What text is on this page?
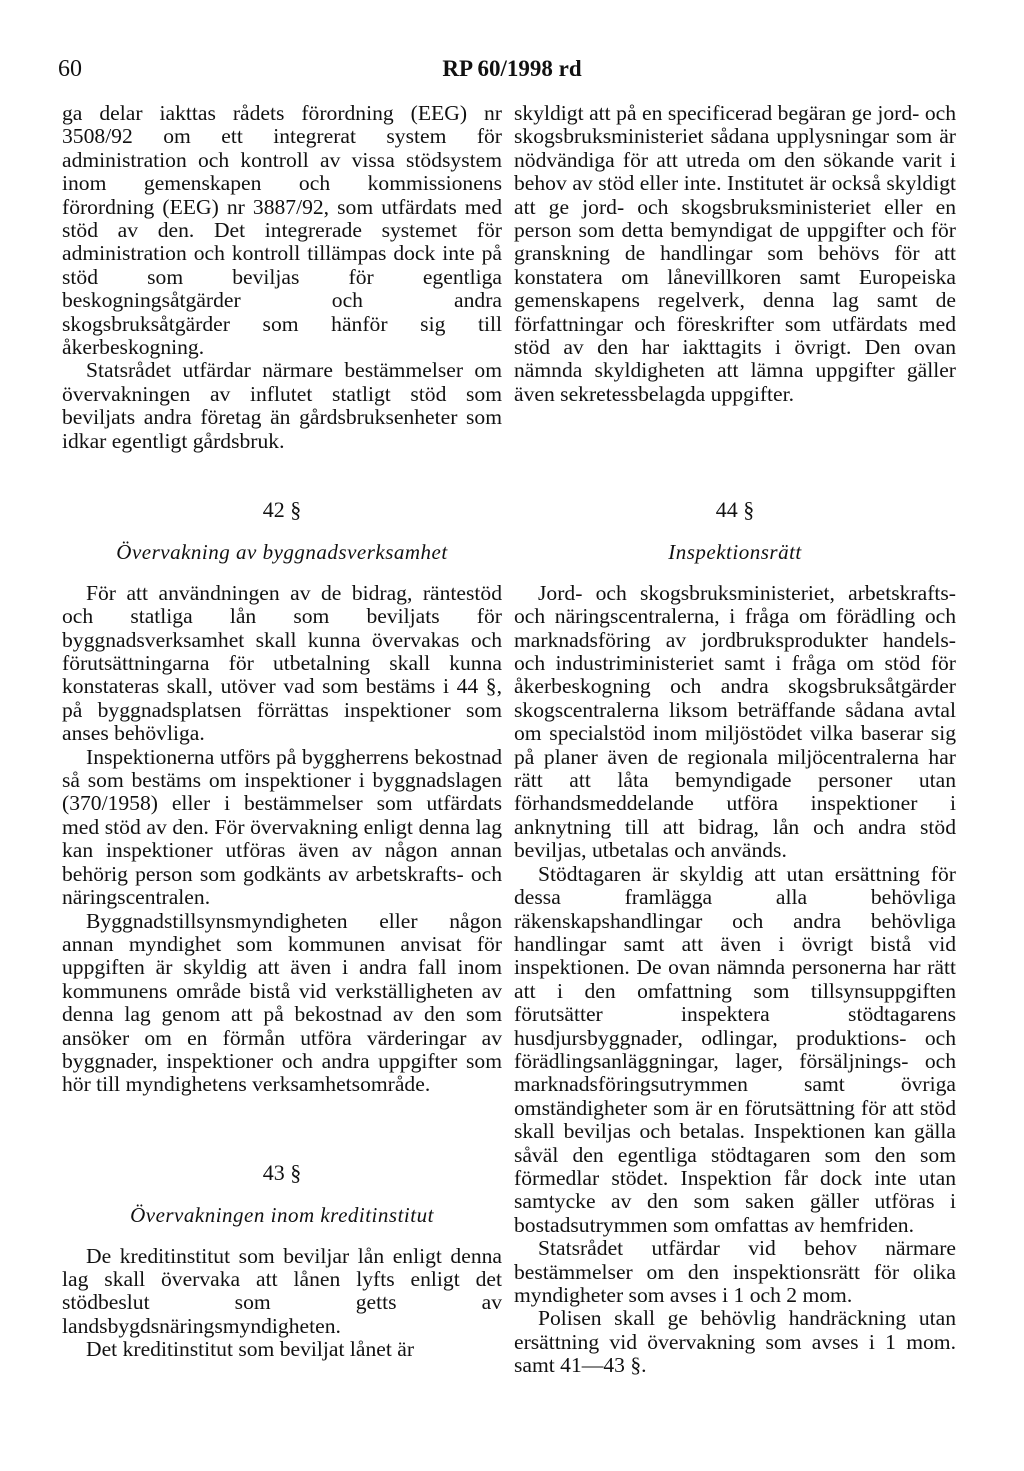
60	RP 60/1998 rd

ga delar iakttas rådets förordning (EEG) nr 3508/92 om ett integrerat system för administration och kontroll av vissa stödsystem inom gemenskapen och kommissionens förordning (EEG) nr 3887/92, som utfärdats med stöd av den. Det integrerade systemet för administration och kontroll tillämpas dock inte på stöd som beviljas för egentliga beskogningsåtgärder och andra skogsbruksåtgärder som hänför sig till åkerbeskogning.

Statsrådet utfärdar närmare bestämmelser om övervakningen av influtet statligt stöd som beviljats andra företag än gårdsbruksenheter som idkar egentligt gårdsbruk.

42 §
Övervakning av byggnadsverksamhet

För att användningen av de bidrag, räntestöd och statliga lån som beviljats för byggnadsverksamhet skall kunna övervakas och förutsättningarna för utbetalning skall kunna konstateras skall, utöver vad som bestäms i 44 §, på byggnadsplatsen förrättas inspektioner som anses behövliga.

Inspektionerna utförs på byggherrens bekostnad så som bestäms om inspektioner i byggnadslagen (370/1958) eller i bestämmelser som utfärdats med stöd av den. För övervakning enligt denna lag kan inspektioner utföras även av någon annan behörig person som godkänts av arbetskrafts- och näringscentralen.

Byggnadstillsynsmyndigheten eller någon annan myndighet som kommunen anvisat för uppgiften är skyldig att även i andra fall inom kommunens område bistå vid verkställigheten av denna lag genom att på bekostnad av den som ansöker om en förmån utföra värderingar av byggnader, inspektioner och andra uppgifter som hör till myndighetens verksamhetsområde.

43 §
Övervakningen inom kreditinstitut

De kreditinstitut som beviljar lån enligt denna lag skall övervaka att lånen lyfts enligt det stödbeslut som getts av landsbygdsnäringsmyndigheten.

Det kreditinstitut som beviljat lånet är

skyldigt att på en specificerad begäran ge jord- och skogsbruksministeriet sådana upplysningar som är nödvändiga för att utreda om den sökande varit i behov av stöd eller inte. Institutet är också skyldigt att ge jord- och skogsbruksministeriet eller en person som detta bemyndigat de uppgifter och för granskning de handlingar som behövs för att konstatera om lånevillkoren samt Europeiska gemenskapens regelverk, denna lag samt de författningar och föreskrifter som utfärdats med stöd av den har iakttagits i övrigt. Den ovan nämnda skyldigheten att lämna uppgifter gäller även sekretessbelagda uppgifter.

44 §
Inspektionsrätt

Jord- och skogsbruksministeriet, arbetskrafts- och näringscentralerna, i fråga om förädling och marknadsföring av jordbruksprodukter handels- och industriministeriet samt i fråga om stöd för åkerbeskogning och andra skogsbruksåtgärder skogscentralerna liksom beträffande sådana avtal om specialstöd inom miljöstödet vilka baserar sig på planer även de regionala miljöcentralerna har rätt att låta bemyndigade personer utan förhandsmeddelande utföra inspektioner i anknytning till att bidrag, lån och andra stöd beviljas, utbetalas och används.

Stödtagaren är skyldig att utan ersättning för dessa framlägga alla behövliga räkenskapshandlingar och andra behövliga handlingar samt att även i övrigt bistå vid inspektionen. De ovan nämnda personerna har rätt att i den omfattning som tillsynsuppgiften förutsätter inspektera stödtagarens husdjursbyggnader, odlingar, produktions- och förädlingsanläggningar, lager, försäljnings- och marknadsföringsutrymmen samt övriga omständigheter som är en förutsättning för att stöd skall beviljas och betalas. Inspektionen kan gälla såväl den egentliga stödtagaren som den som förmedlar stödet. Inspektion får dock inte utan samtycke av den som saken gäller utföras i bostadsutrymmen som omfattas av hemfriden.

Statsrådet utfärdar vid behov närmare bestämmelser om den inspektionsrätt för olika myndigheter som avses i 1 och 2 mom.

Polisen skall ge behövlig handräckning utan ersättning vid övervakning som avses i 1 mom. samt 41—43 §.
